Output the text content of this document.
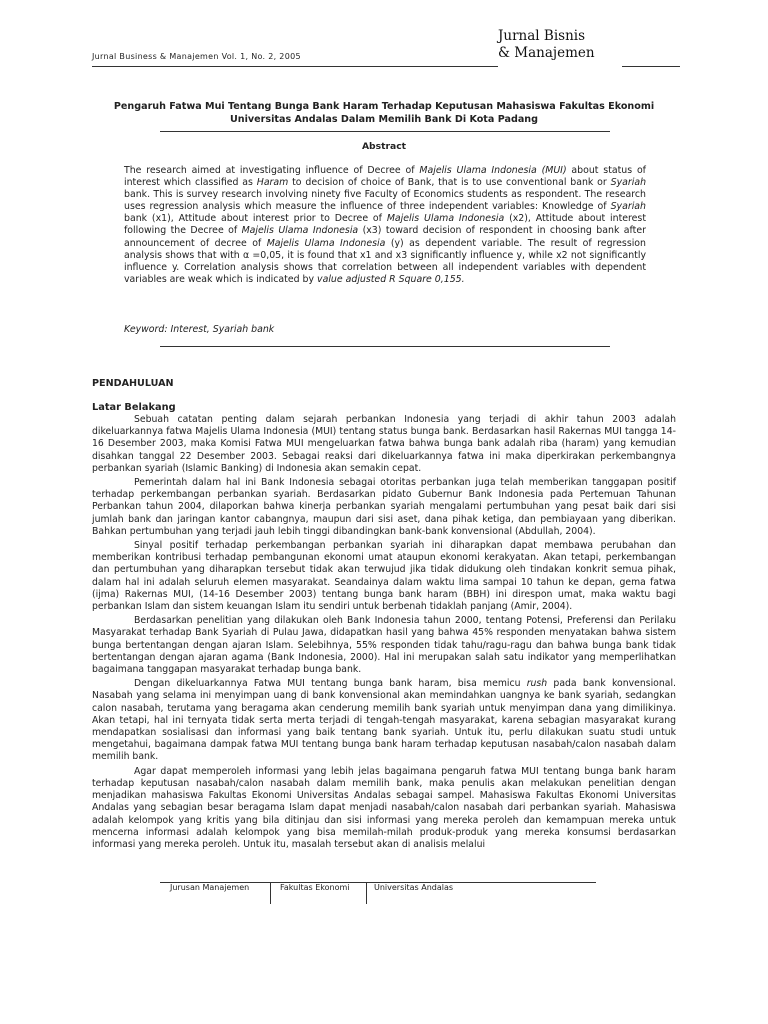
Jurnal Bisnis
& Manajemen
Jurnal Business & Manajemen Vol. 1, No. 2, 2005
Pengaruh Fatwa Mui Tentang Bunga Bank Haram Terhadap Keputusan Mahasiswa Fakultas Ekonomi Universitas Andalas Dalam Memilih Bank Di Kota Padang
Abstract
The research aimed at investigating influence of Decree of Majelis Ulama Indonesia (MUI) about status of interest which classified as Haram to decision of choice of Bank, that is to use conventional bank or Syariah bank. This is survey research involving ninety five Faculty of Economics students as respondent. The research uses regression analysis which measure the influence of three independent variables: Knowledge of Syariah bank (x1), Attitude about interest prior to Decree of Majelis Ulama Indonesia (x2), Attitude about interest following the Decree of Majelis Ulama Indonesia (x3) toward decision of respondent in choosing bank after announcement of decree of Majelis Ulama Indonesia (y) as dependent variable. The result of regression analysis shows that with α =0,05, it is found that x1 and x3 significantly influence y, while x2 not significantly influence y. Correlation analysis shows that correlation between all independent variables with dependent variables are weak which is indicated by value adjusted R Square 0,155.
Keyword: Interest, Syariah bank
PENDAHULUAN
Latar Belakang

Sebuah catatan penting dalam sejarah perbankan Indonesia yang terjadi di akhir tahun 2003 adalah dikeluarkannya fatwa Majelis Ulama Indonesia (MUI) tentang status bunga bank. Berdasarkan hasil Rakernas MUI tangga 14-16 Desember 2003, maka Komisi Fatwa MUI mengeluarkan fatwa bahwa bunga bank adalah riba (haram) yang kemudian disahkan tanggal 22 Desember 2003. Sebagai reaksi dari dikeluarkannya fatwa ini maka diperkirakan perkembangnya perbankan syariah (Islamic Banking) di Indonesia akan semakin cepat.

Pemerintah dalam hal ini Bank Indonesia sebagai otoritas perbankan juga telah memberikan tanggapan positif terhadap perkembangan perbankan syariah. Berdasarkan pidato Gubernur Bank Indonesia pada Pertemuan Tahunan Perbankan tahun 2004, dilaporkan bahwa kinerja perbankan syariah mengalami pertumbuhan yang pesat baik dari sisi jumlah bank dan jaringan kantor cabangnya, maupun dari sisi aset, dana pihak ketiga, dan pembiayaan yang diberikan. Bahkan pertumbuhan yang terjadi jauh lebih tinggi dibandingkan bank-bank konvensional (Abdullah, 2004).

Sinyal positif terhadap perkembangan perbankan syariah ini diharapkan dapat membawa perubahan dan memberikan kontribusi terhadap pembangunan ekonomi umat ataupun ekonomi kerakyatan. Akan tetapi, perkembangan dan pertumbuhan yang diharapkan tersebut tidak akan terwujud jika tidak didukung oleh tindakan konkrit semua pihak, dalam hal ini adalah seluruh elemen masyarakat. Seandainya dalam waktu lima sampai 10 tahun ke depan, gema fatwa (ijma) Rakernas MUI, (14-16 Desember 2003) tentang bunga bank haram (BBH) ini direspon umat, maka waktu bagi perbankan Islam dan sistem keuangan Islam itu sendiri untuk berbenah tidaklah panjang (Amir, 2004).

Berdasarkan penelitian yang dilakukan oleh Bank Indonesia tahun 2000, tentang Potensi, Preferensi dan Perilaku Masyarakat terhadap Bank Syariah di Pulau Jawa, didapatkan hasil yang bahwa 45% responden menyatakan bahwa sistem bunga bertentangan dengan ajaran Islam. Selebihnya, 55% responden tidak tahu/ragu-ragu dan bahwa bunga bank tidak bertentangan dengan ajaran agama (Bank Indonesia, 2000). Hal ini merupakan salah satu indikator yang memperlihatkan bagaimana tanggapan masyarakat terhadap bunga bank.

Dengan dikeluarkannya Fatwa MUI tentang bunga bank haram, bisa memicu rush pada bank konvensional. Nasabah yang selama ini menyimpan uang di bank konvensional akan memindahkan uangnya ke bank syariah, sedangkan calon nasabah, terutama yang beragama akan cenderung memilih bank syariah untuk menyimpan dana yang dimilikinya. Akan tetapi, hal ini ternyata tidak serta merta terjadi di tengah-tengah masyarakat, karena sebagian masyarakat kurang mendapatkan sosialisasi dan informasi yang baik tentang bank syariah. Untuk itu, perlu dilakukan suatu studi untuk mengetahui, bagaimana dampak fatwa MUI tentang bunga bank haram terhadap keputusan nasabah/calon nasabah dalam memilih bank.

Agar dapat memperoleh informasi yang lebih jelas bagaimana pengaruh fatwa MUI tentang bunga bank haram terhadap keputusan nasabah/calon nasabah dalam memilih bank, maka penulis akan melakukan penelitian dengan menjadikan mahasiswa Fakultas Ekonomi Universitas Andalas sebagai sampel. Mahasiswa Fakultas Ekonomi Universitas Andalas yang sebagian besar beragama Islam dapat menjadi nasabah/calon nasabah dari perbankan syariah. Mahasiswa adalah kelompok yang kritis yang bila ditinjau dan sisi informasi yang mereka peroleh dan kemampuan mereka untuk mencerna informasi adalah kelompok yang bisa memilah-milah produk-produk yang mereka konsumsi berdasarkan informasi yang mereka peroleh. Untuk itu, masalah tersebut akan di analisis melalui

Jurusan Manajemen	Fakultas Ekonomi	Universitas Andalas
